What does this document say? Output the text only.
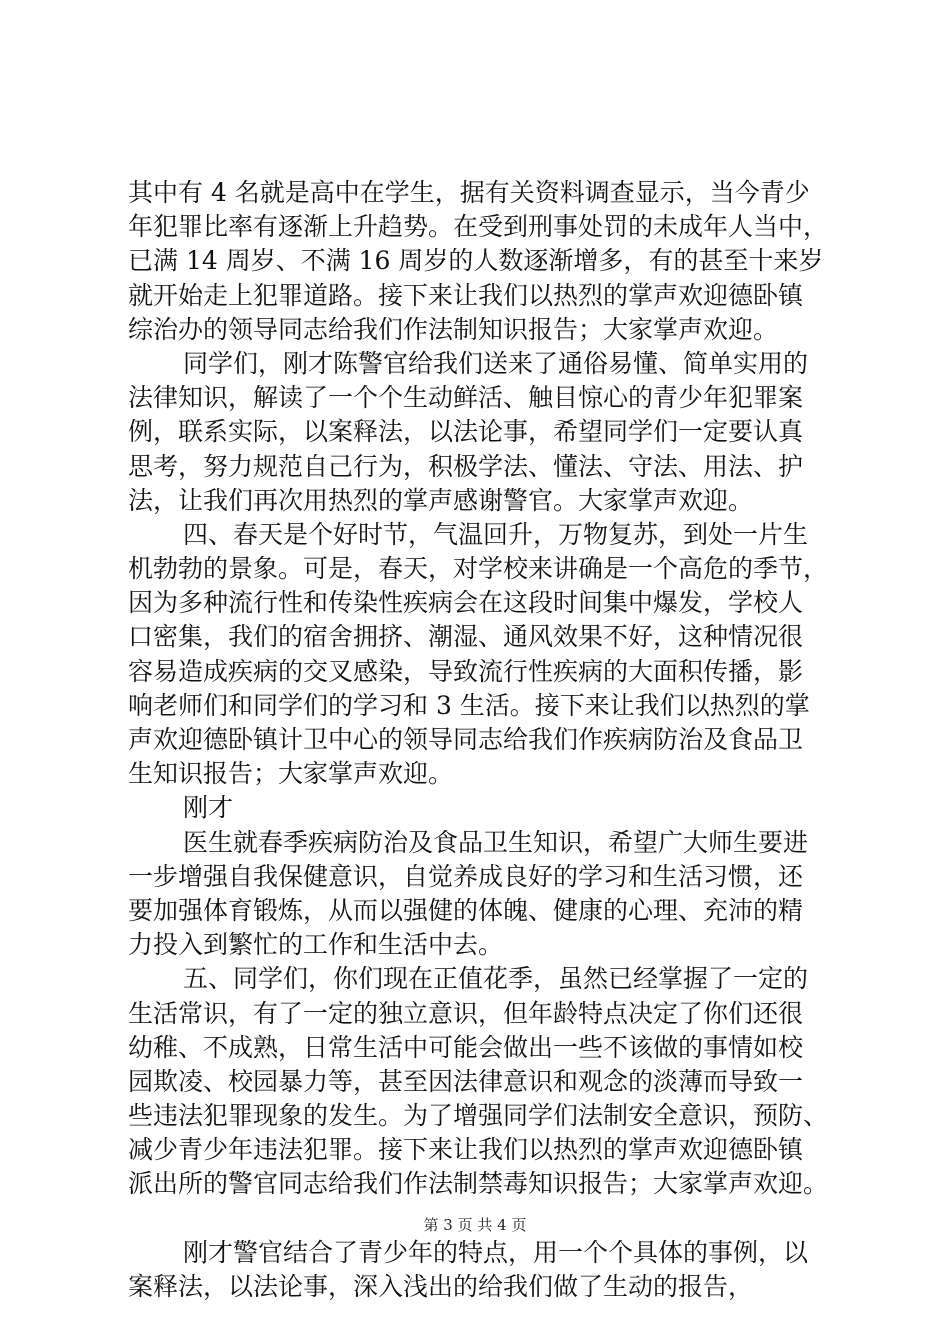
其中有 4 名就是高中在学生，据有关资料调查显示，当今青少
年犯罪比率有逐渐上升趋势。在受到刑事处罚的未成年人当中，
已满 14 周岁、不满 16 周岁的人数逐渐增多，有的甚至十来岁
就开始走上犯罪道路。接下来让我们以热烈的掌声欢迎德卧镇
综治办的领导同志给我们作法制知识报告；大家掌声欢迎。
同学们，刚才陈警官给我们送来了通俗易懂、简单实用的
法律知识，解读了一个个生动鲜活、触目惊心的青少年犯罪案
例，联系实际，以案释法，以法论事，希望同学们一定要认真
思考，努力规范自己行为，积极学法、懂法、守法、用法、护
法，让我们再次用热烈的掌声感谢警官。大家掌声欢迎。
四、春天是个好时节，气温回升，万物复苏，到处一片生
机勃勃的景象。可是，春天，对学校来讲确是一个高危的季节，
因为多种流行性和传染性疾病会在这段时间集中爆发，学校人
口密集，我们的宿舍拥挤、潮湿、通风效果不好，这种情况很
容易造成疾病的交叉感染，导致流行性疾病的大面积传播，影
响老师们和同学们的学习和 3 生活。接下来让我们以热烈的掌
声欢迎德卧镇计卫中心的领导同志给我们作疾病防治及食品卫
生知识报告；大家掌声欢迎。
刚才
医生就春季疾病防治及食品卫生知识，希望广大师生要进
一步增强自我保健意识，自觉养成良好的学习和生活习惯，还
要加强体育锻炼，从而以强健的体魄、健康的心理、充沛的精
力投入到繁忙的工作和生活中去。
五、同学们，你们现在正值花季，虽然已经掌握了一定的
生活常识，有了一定的独立意识，但年龄特点决定了你们还很
幼稚、不成熟，日常生活中可能会做出一些不该做的事情如校
园欺凌、校园暴力等，甚至因法律意识和观念的淡薄而导致一
些违法犯罪现象的发生。为了增强同学们法制安全意识，预防、
减少青少年违法犯罪。接下来让我们以热烈的掌声欢迎德卧镇
派出所的警官同志给我们作法制禁毒知识报告；大家掌声欢迎。
刚才警官结合了青少年的特点，用一个个具体的事例，以
案释法，以法论事，深入浅出的给我们做了生动的报告，
第 3 页 共 4 页
